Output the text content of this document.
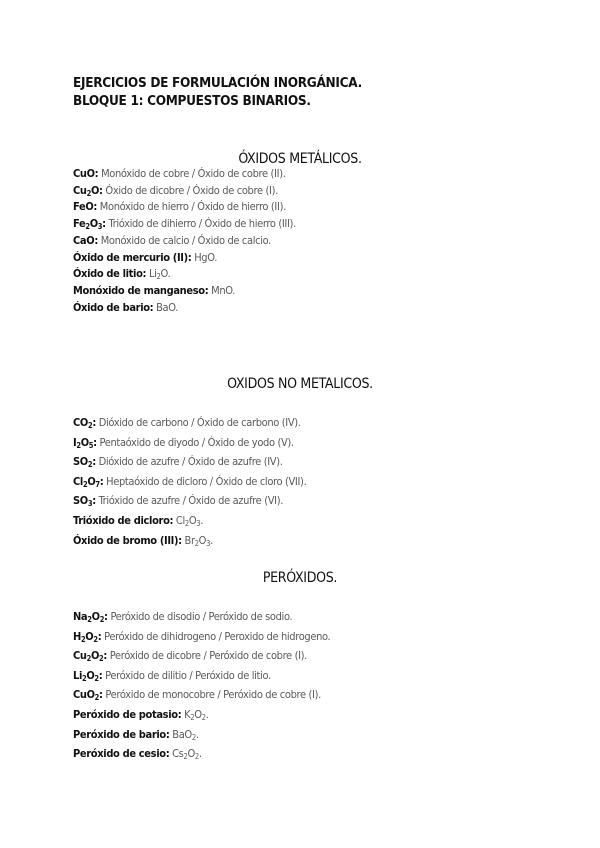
EJERCICIOS DE FORMULACIÓN INORGÁNICA.
BLOQUE 1: COMPUESTOS BINARIOS.
ÓXIDOS METÁLICOS.
CuO: Monóxido de cobre / Óxido de cobre (II).
$Cu_2O$: Óxido de dicobre / Óxido de cobre (I).
FeO: Monóxido de hierro / Óxido de hierro (II).
$Fe_2O_3$: Trióxido de dihierro / Óxido de hierro (III).
CaO: Monóxido de calcio / Óxido de calcio.
Óxido de mercurio (II): HgO.
Óxido de litio: $Li_2O$.
Monóxido de manganeso: MnO.
Óxido de bario: BaO.
OXIDOS NO METALICOS.
$CO_2$: Dióxido de carbono / Óxido de carbono (IV).
$I_2O_5$: Pentaóxido de diyodo / Óxido de yodo (V).
$SO_2$: Dióxido de azufre / Óxido de azufre (IV).
$Cl_2O_7$: Heptaóxido de dicloro / Óxido de cloro (VII).
$SO_3$: Trióxido de azufre / Óxido de azufre (VI).
Trióxido de dicloro: $Cl_2O_3$.
Óxido de bromo (III): $Br_2O_3$.
PERÓXIDOS.
$Na_2O_2$: Peróxido de disodio / Peróxido de sodio.
$H_2O_2$: Peróxido de dihidrogeno / Peroxido de hidrogeno.
$Cu_2O_2$: Peróxido de dicobre / Peróxido de cobre (I).
$Li_2O_2$: Peróxido de dilitio / Peróxido de litio.
CuO$_2$: Peróxido de monocobre / Peróxido de cobre (I).
Peróxido de potasio: $K_2O_2$.
Peróxido de bario: BaO$_2$.
Peróxido de cesio: $Cs_2O_2$.
